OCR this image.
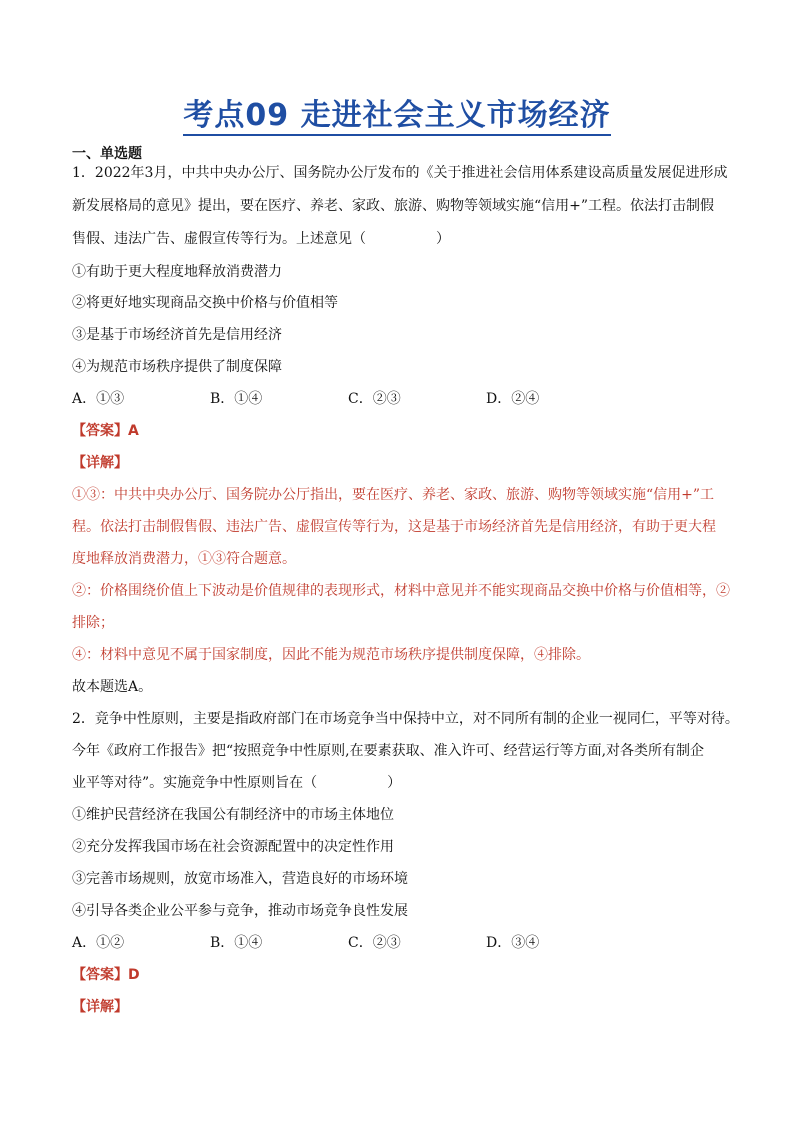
考点09 走进社会主义市场经济
一、单选题
1．2022年3月，中共中央办公厅、国务院办公厅发布的《关于推进社会信用体系建设高质量发展促进形成
新发展格局的意见》提出，要在医疗、养老、家政、旅游、购物等领域实施“信用+”工程。依法打击制假
售假、违法广告、虚假宣传等行为。上述意见（	）
①有助于更大程度地释放消费潜力
②将更好地实现商品交换中价格与价值相等
③是基于市场经济首先是信用经济
④为规范市场秩序提供了制度保障
A．①③	B．①④	C．②③	D．②④
【答案】A
【详解】
①③：中共中央办公厅、国务院办公厅指出，要在医疗、养老、家政、旅游、购物等领域实施“信用+”工
程。依法打击制假售假、违法广告、虚假宣传等行为，这是基于市场经济首先是信用经济，有助于更大程
度地释放消费潜力，①③符合题意。
②：价格围绕价值上下波动是价值规律的表现形式，材料中意见并不能实现商品交换中价格与价值相等，②
排除；
④：材料中意见不属于国家制度，因此不能为规范市场秩序提供制度保障，④排除。
故本题选A。
2．竞争中性原则，主要是指政府部门在市场竞争当中保持中立，对不同所有制的企业一视同仁，平等对待。
今年《政府工作报告》把“按照竞争中性原则,在要素获取、准入许可、经营运行等方面,对各类所有制企
业平等对待”。实施竞争中性原则旨在（	）
①维护民营经济在我国公有制经济中的市场主体地位
②充分发挥我国市场在社会资源配置中的决定性作用
③完善市场规则，放宽市场准入，营造良好的市场环境
④引导各类企业公平参与竞争，推动市场竞争良性发展
A．①②	B．①④	C．②③	D．③④
【答案】D
【详解】
